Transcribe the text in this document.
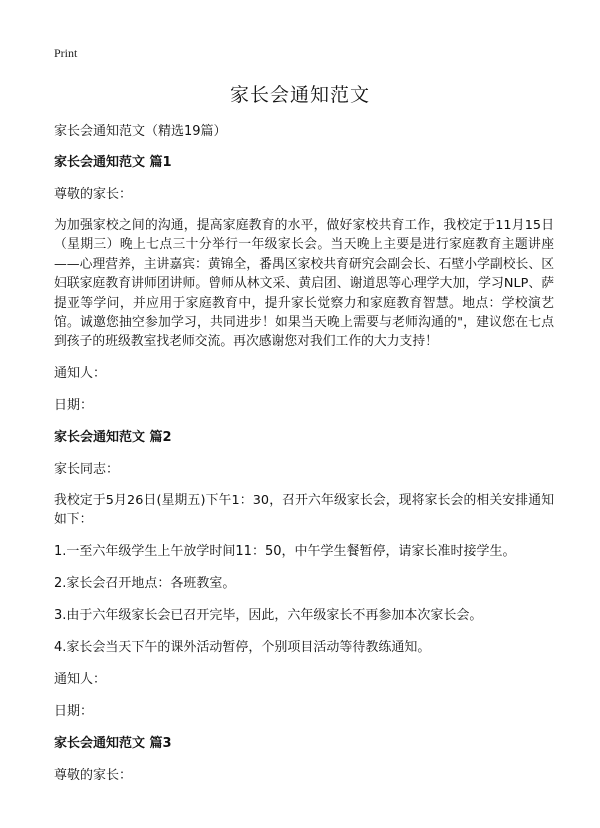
Print
家长会通知范文

家长会通知范文（精选19篇）

家长会通知范文 篇1

尊敬的家长：

为加强家校之间的沟通，提高家庭教育的水平，做好家校共育工作，我校定于11月15日（星期三）晚上七点三十分举行一年级家长会。当天晚上主要是进行家庭教育主题讲座——心理营养，主讲嘉宾：黄锦全，番禺区家校共育研究会副会长、石壁小学副校长、区妇联家庭教育讲师团讲师。曾师从林文采、黄启团、谢道思等心理学大加，学习NLP、萨提亚等学问，并应用于家庭教育中，提升家长觉察力和家庭教育智慧。地点：学校演艺馆。诚邀您抽空参加学习，共同进步！如果当天晚上需要与老师沟通的"，建议您在七点到孩子的班级教室找老师交流。再次感谢您对我们工作的大力支持！

通知人：

日期：

家长会通知范文 篇2

家长同志：

我校定于5月26日(星期五)下午1：30，召开六年级家长会，现将家长会的相关安排通知如下：

1.一至六年级学生上午放学时间11：50，中午学生餐暂停，请家长准时接学生。

2.家长会召开地点：各班教室。

3.由于六年级家长会已召开完毕，因此，六年级家长不再参加本次家长会。

4.家长会当天下午的课外活动暂停，个别项目活动等待教练通知。

通知人：

日期：

家长会通知范文 篇3

尊敬的家长：
